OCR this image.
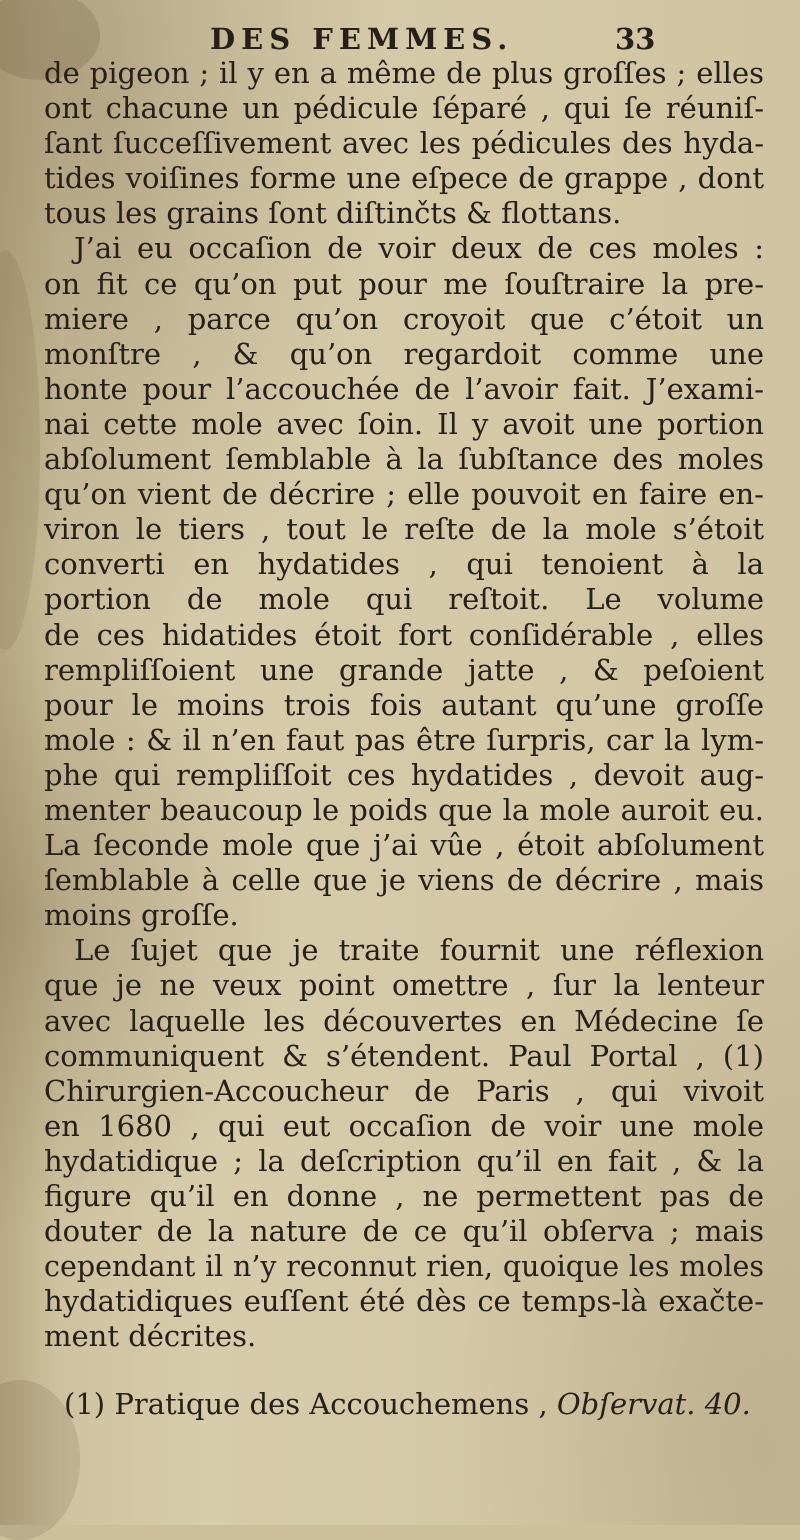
DES FEMMES.	33
de pigeon ; il y en a même de plus groſſes ; elles
ont chacune un pédicule ſéparé , qui ſe réuniſ-
ſant ſucceſſivement avec les pédicules des hyda-
tides voiſines forme une eſpece de grappe , dont
tous les grains ſont diſtinčts & flottans.
J’ai eu occaſion de voir deux de ces moles :
on fit ce qu’on put pour me ſouſtraire la pre-
miere , parce qu’on croyoit que c’étoit un
monſtre , & qu’on regardoit comme une
honte pour l’accouchée de l’avoir fait. J’exami-
nai cette mole avec ſoin. Il y avoit une portion
abſolument ſemblable à la ſubſtance des moles
qu’on vient de décrire ; elle pouvoit en faire en-
viron le tiers , tout le reſte de la mole s’étoit
converti en hydatides , qui tenoient à la
portion de mole qui reſtoit. Le volume
de ces hidatides étoit fort conſidérable , elles
rempliſſoient une grande jatte , & peſoient
pour le moins trois fois autant qu’une groſſe
mole : & il n’en faut pas être ſurpris, car la lym-
phe qui rempliſſoit ces hydatides , devoit aug-
menter beaucoup le poids que la mole auroit eu.
La ſeconde mole que j’ai vûe , étoit abſolument
ſemblable à celle que je viens de décrire , mais
moins groſſe.
Le ſujet que je traite fournit une réflexion
que je ne veux point omettre , ſur la lenteur
avec laquelle les découvertes en Médecine ſe
communiquent & s’étendent. Paul Portal , (1)
Chirurgien-Accoucheur de Paris , qui vivoit
en 1680 , qui eut occaſion de voir une mole
hydatidique ; la deſcription qu’il en fait , & la
figure qu’il en donne , ne permettent pas de
douter de la nature de ce qu’il obſerva ; mais
cependant il n’y reconnut rien, quoique les moles
hydatidiques euſſent été dès ce temps-là exačte-
ment décrites.
(1) Pratique des Accouchemens , Obſervat. 40.
